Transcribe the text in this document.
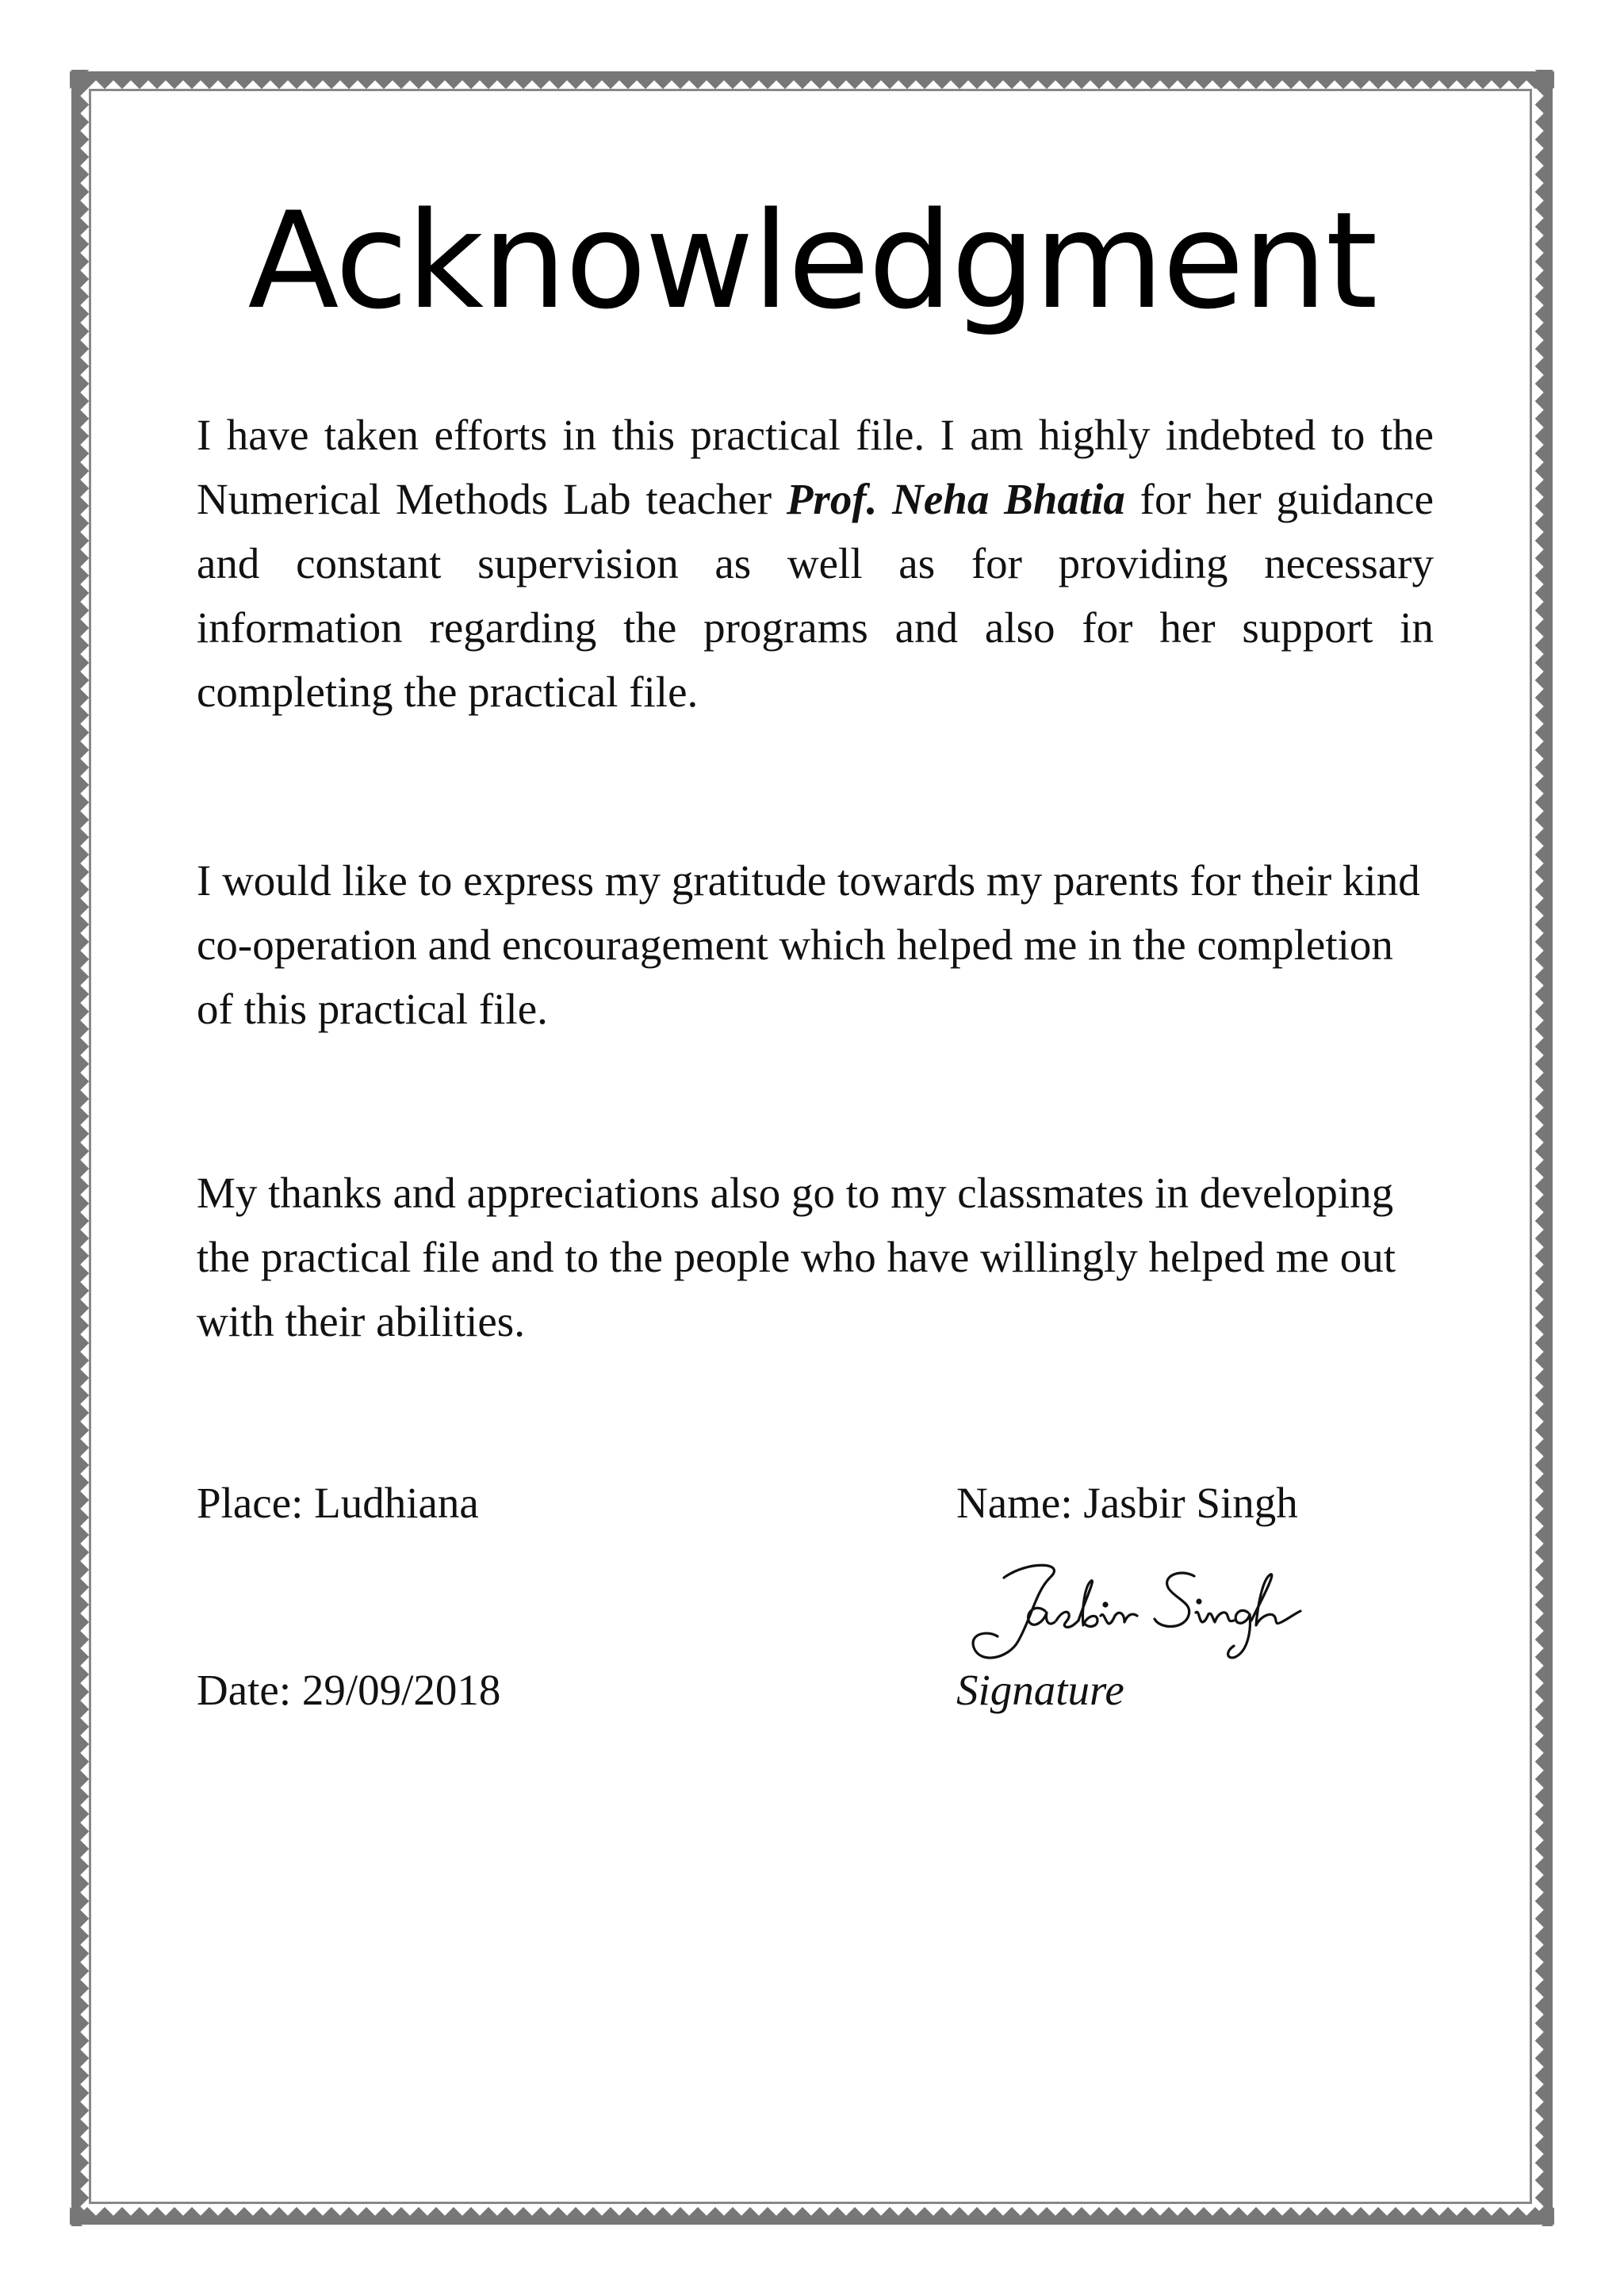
Acknowledgment

I have taken efforts in this practical file. I am highly indebted to the Numerical Methods Lab teacher Prof. Neha Bhatia for her guidance and constant supervision as well as for providing necessary information regarding the programs and also for her support in completing the practical file.

I would like to express my gratitude towards my parents for their kind co-operation and encouragement which helped me in the completion of this practical file.

My thanks and appreciations also go to my classmates in developing the practical file and to the people who have willingly helped me out with their abilities.

Place: Ludhiana

Date: 29/09/2018

Name: Jasbir Singh

Signature
